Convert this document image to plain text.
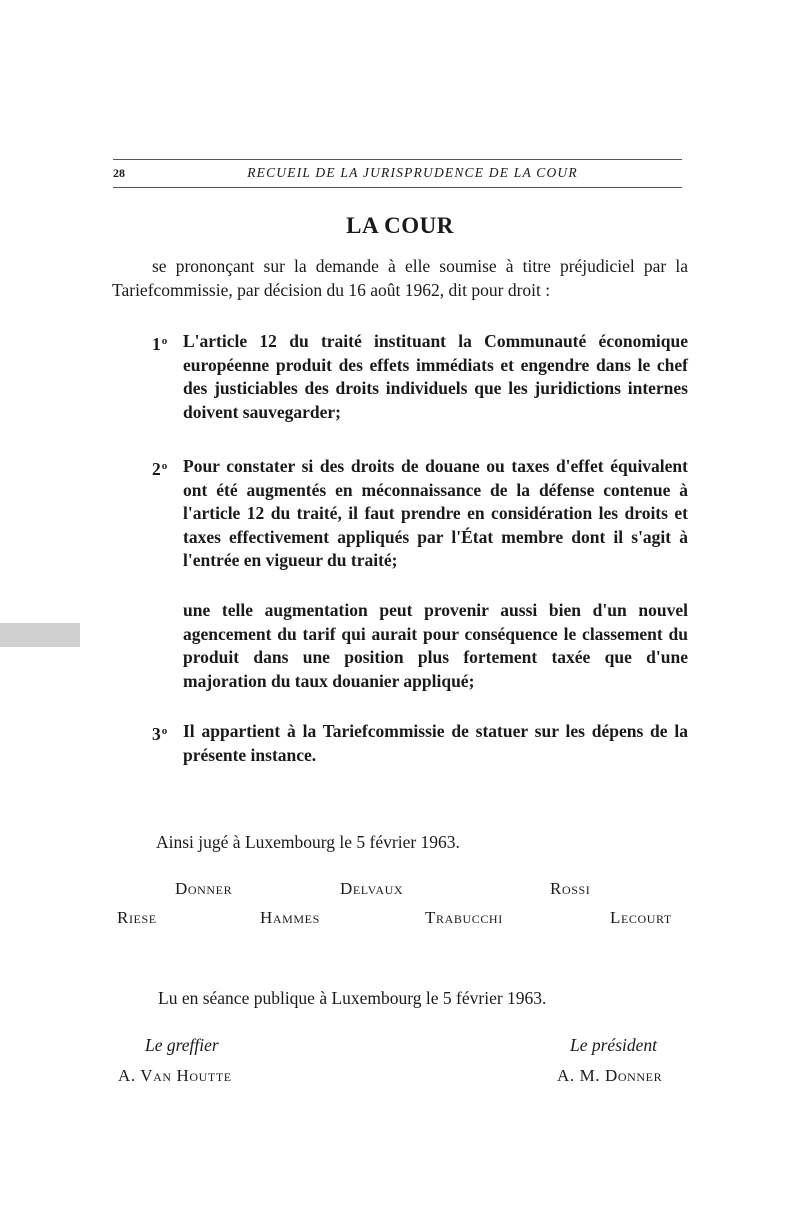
28	RECUEIL DE LA JURISPRUDENCE DE LA COUR
LA COUR
se prononçant sur la demande à elle soumise à titre préjudiciel par la Tariefcommissie, par décision du 16 août 1962, dit pour droit :
1$^o$ L'article 12 du traité instituant la Communauté économique européenne produit des effets immédiats et engendre dans le chef des justiciables des droits individuels que les juridictions internes doivent sauvegarder;
2$^o$ Pour constater si des droits de douane ou taxes d'effet équivalent ont été augmentés en méconnaissance de la défense contenue à l'article 12 du traité, il faut prendre en considération les droits et taxes effectivement appliqués par l'État membre dont il s'agit à l'entrée en vigueur du traité;
une telle augmentation peut provenir aussi bien d'un nouvel agencement du tarif qui aurait pour conséquence le classement du produit dans une position plus fortement taxée que d'une majoration du taux douanier appliqué;
3$^o$ Il appartient à la Tariefcommissie de statuer sur les dépens de la présente instance.
Ainsi jugé à Luxembourg le 5 février 1963.
Donner	Delvaux	Rossi
Riese	Hammes	Trabucchi	Lecourt
Lu en séance publique à Luxembourg le 5 février 1963.
Le greffier
A. Van Houtte
Le président
A. M. Donner
